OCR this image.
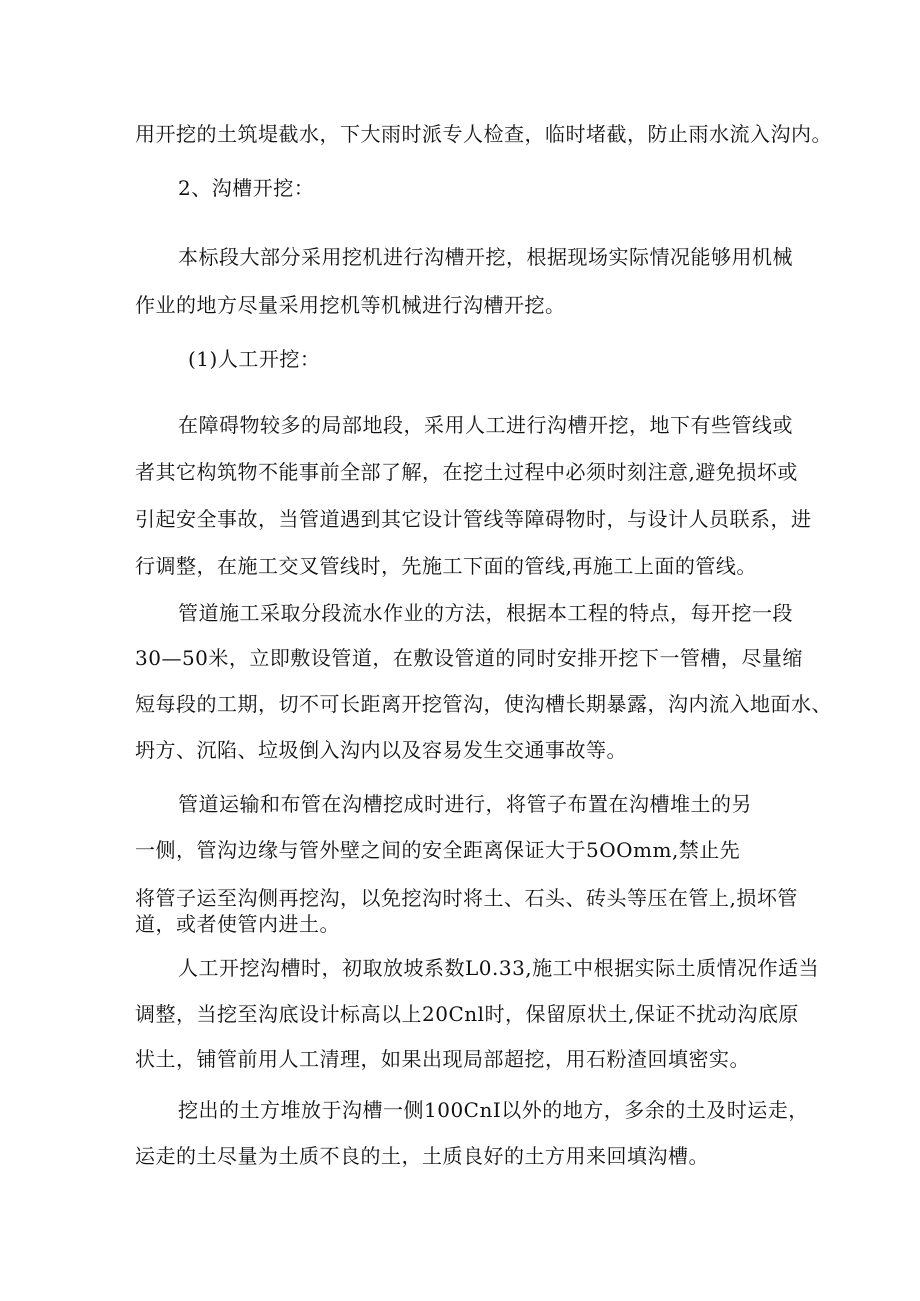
用开挖的土筑堤截水，下大雨时派专人检查，临时堵截，防止雨水流入沟内。
2、沟槽开挖：
本标段大部分采用挖机进行沟槽开挖，根据现场实际情况能够用机械
作业的地方尽量采用挖机等机械进行沟槽开挖。
(1)人工开挖：
在障碍物较多的局部地段，采用人工进行沟槽开挖，地下有些管线或
者其它构筑物不能事前全部了解，在挖土过程中必须时刻注意,避免损坏或
引起安全事故，当管道遇到其它设计管线等障碍物时，与设计人员联系，进
行调整，在施工交叉管线时，先施工下面的管线,再施工上面的管线。
管道施工采取分段流水作业的方法，根据本工程的特点，每开挖一段
30—50米，立即敷设管道，在敷设管道的同时安排开挖下一管槽，尽量缩
短每段的工期，切不可长距离开挖管沟，使沟槽长期暴露，沟内流入地面水、
坍方、沉陷、垃圾倒入沟内以及容易发生交通事故等。
管道运输和布管在沟槽挖成时进行，将管子布置在沟槽堆土的另
一侧，管沟边缘与管外壁之间的安全距离保证大于5OOmm,禁止先
将管子运至沟侧再挖沟，以免挖沟时将土、石头、砖头等压在管上,损坏管
道，或者使管内进土。
人工开挖沟槽时，初取放坡系数L0.33,施工中根据实际土质情况作适当
调整，当挖至沟底设计标高以上20Cnl时，保留原状土,保证不扰动沟底原
状土，铺管前用人工清理，如果出现局部超挖，用石粉渣回填密实。
挖出的土方堆放于沟槽一侧100CnI以外的地方，多余的土及时运走，
运走的土尽量为土质不良的土，土质良好的土方用来回填沟槽。
